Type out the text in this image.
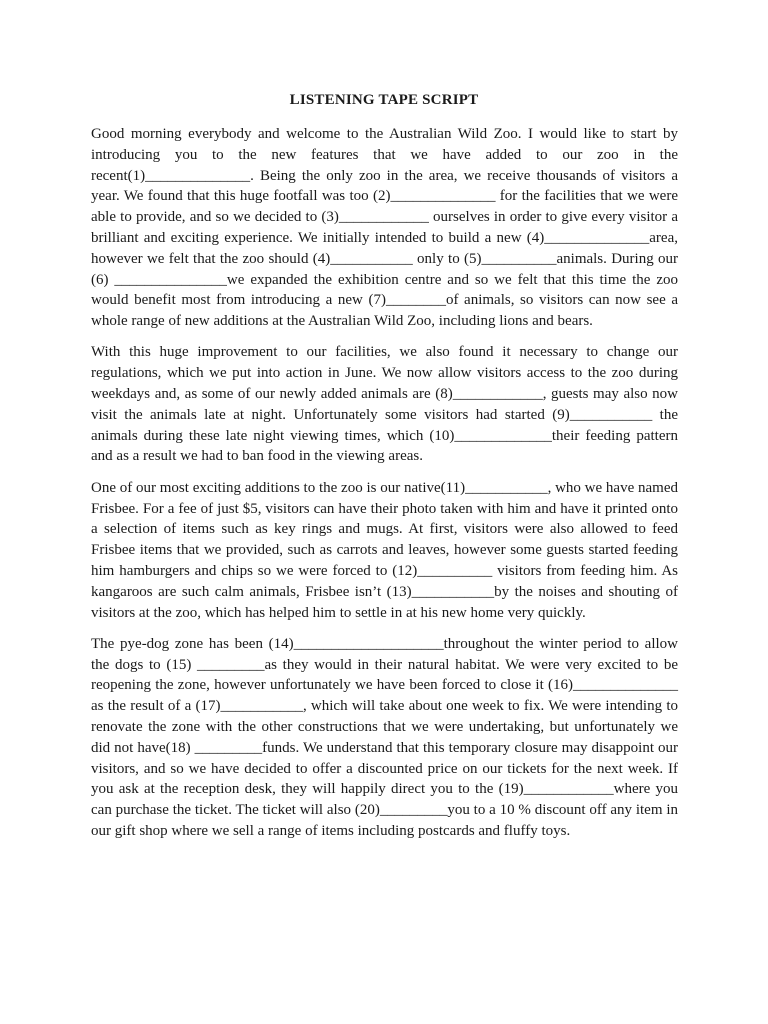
LISTENING TAPE SCRIPT

Good morning everybody and welcome to the Australian Wild Zoo. I would like to start by introducing you to the new features that we have added to our zoo in the recent(1)______________. Being the only zoo in the area, we receive thousands of visitors a year. We found that this huge footfall was too (2)______________ for the facilities that we were able to provide, and so we decided to (3)____________ ourselves in order to give every visitor a brilliant and exciting experience. We initially intended to build a new (4)______________area, however we felt that the zoo should (4)___________ only to (5)__________animals. During our (6) _______________we expanded the exhibition centre and so we felt that this time the zoo would benefit most from introducing a new (7)________of animals, so visitors can now see a whole range of new additions at the Australian Wild Zoo, including lions and bears.

With this huge improvement to our facilities, we also found it necessary to change our regulations, which we put into action in June. We now allow visitors access to the zoo during weekdays and, as some of our newly added animals are (8)____________, guests may also now visit the animals late at night. Unfortunately some visitors had started (9)___________ the animals during these late night viewing times, which (10)_____________their feeding pattern and as a result we had to ban food in the viewing areas.

One of our most exciting additions to the zoo is our native(11)___________, who we have named Frisbee. For a fee of just $5, visitors can have their photo taken with him and have it printed onto a selection of items such as key rings and mugs. At first, visitors were also allowed to feed Frisbee items that we provided, such as carrots and leaves, however some guests started feeding him hamburgers and chips so we were forced to (12)__________ visitors from feeding him. As kangaroos are such calm animals, Frisbee isn’t (13)___________by the noises and shouting of visitors at the zoo, which has helped him to settle in at his new home very quickly.

The pye-dog zone has been (14)____________________throughout the winter period to allow the dogs to (15) _________as they would in their natural habitat. We were very excited to be reopening the zone, however unfortunately we have been forced to close it (16)______________ as the result of a (17)___________, which will take about one week to fix. We were intending to renovate the zone with the other constructions that we were undertaking, but unfortunately we did not have(18) _________funds. We understand that this temporary closure may disappoint our visitors, and so we have decided to offer a discounted price on our tickets for the next week. If you ask at the reception desk, they will happily direct you to the (19)____________where you can purchase the ticket. The ticket will also (20)_________you to a 10 % discount off any item in our gift shop where we sell a range of items including postcards and fluffy toys.
